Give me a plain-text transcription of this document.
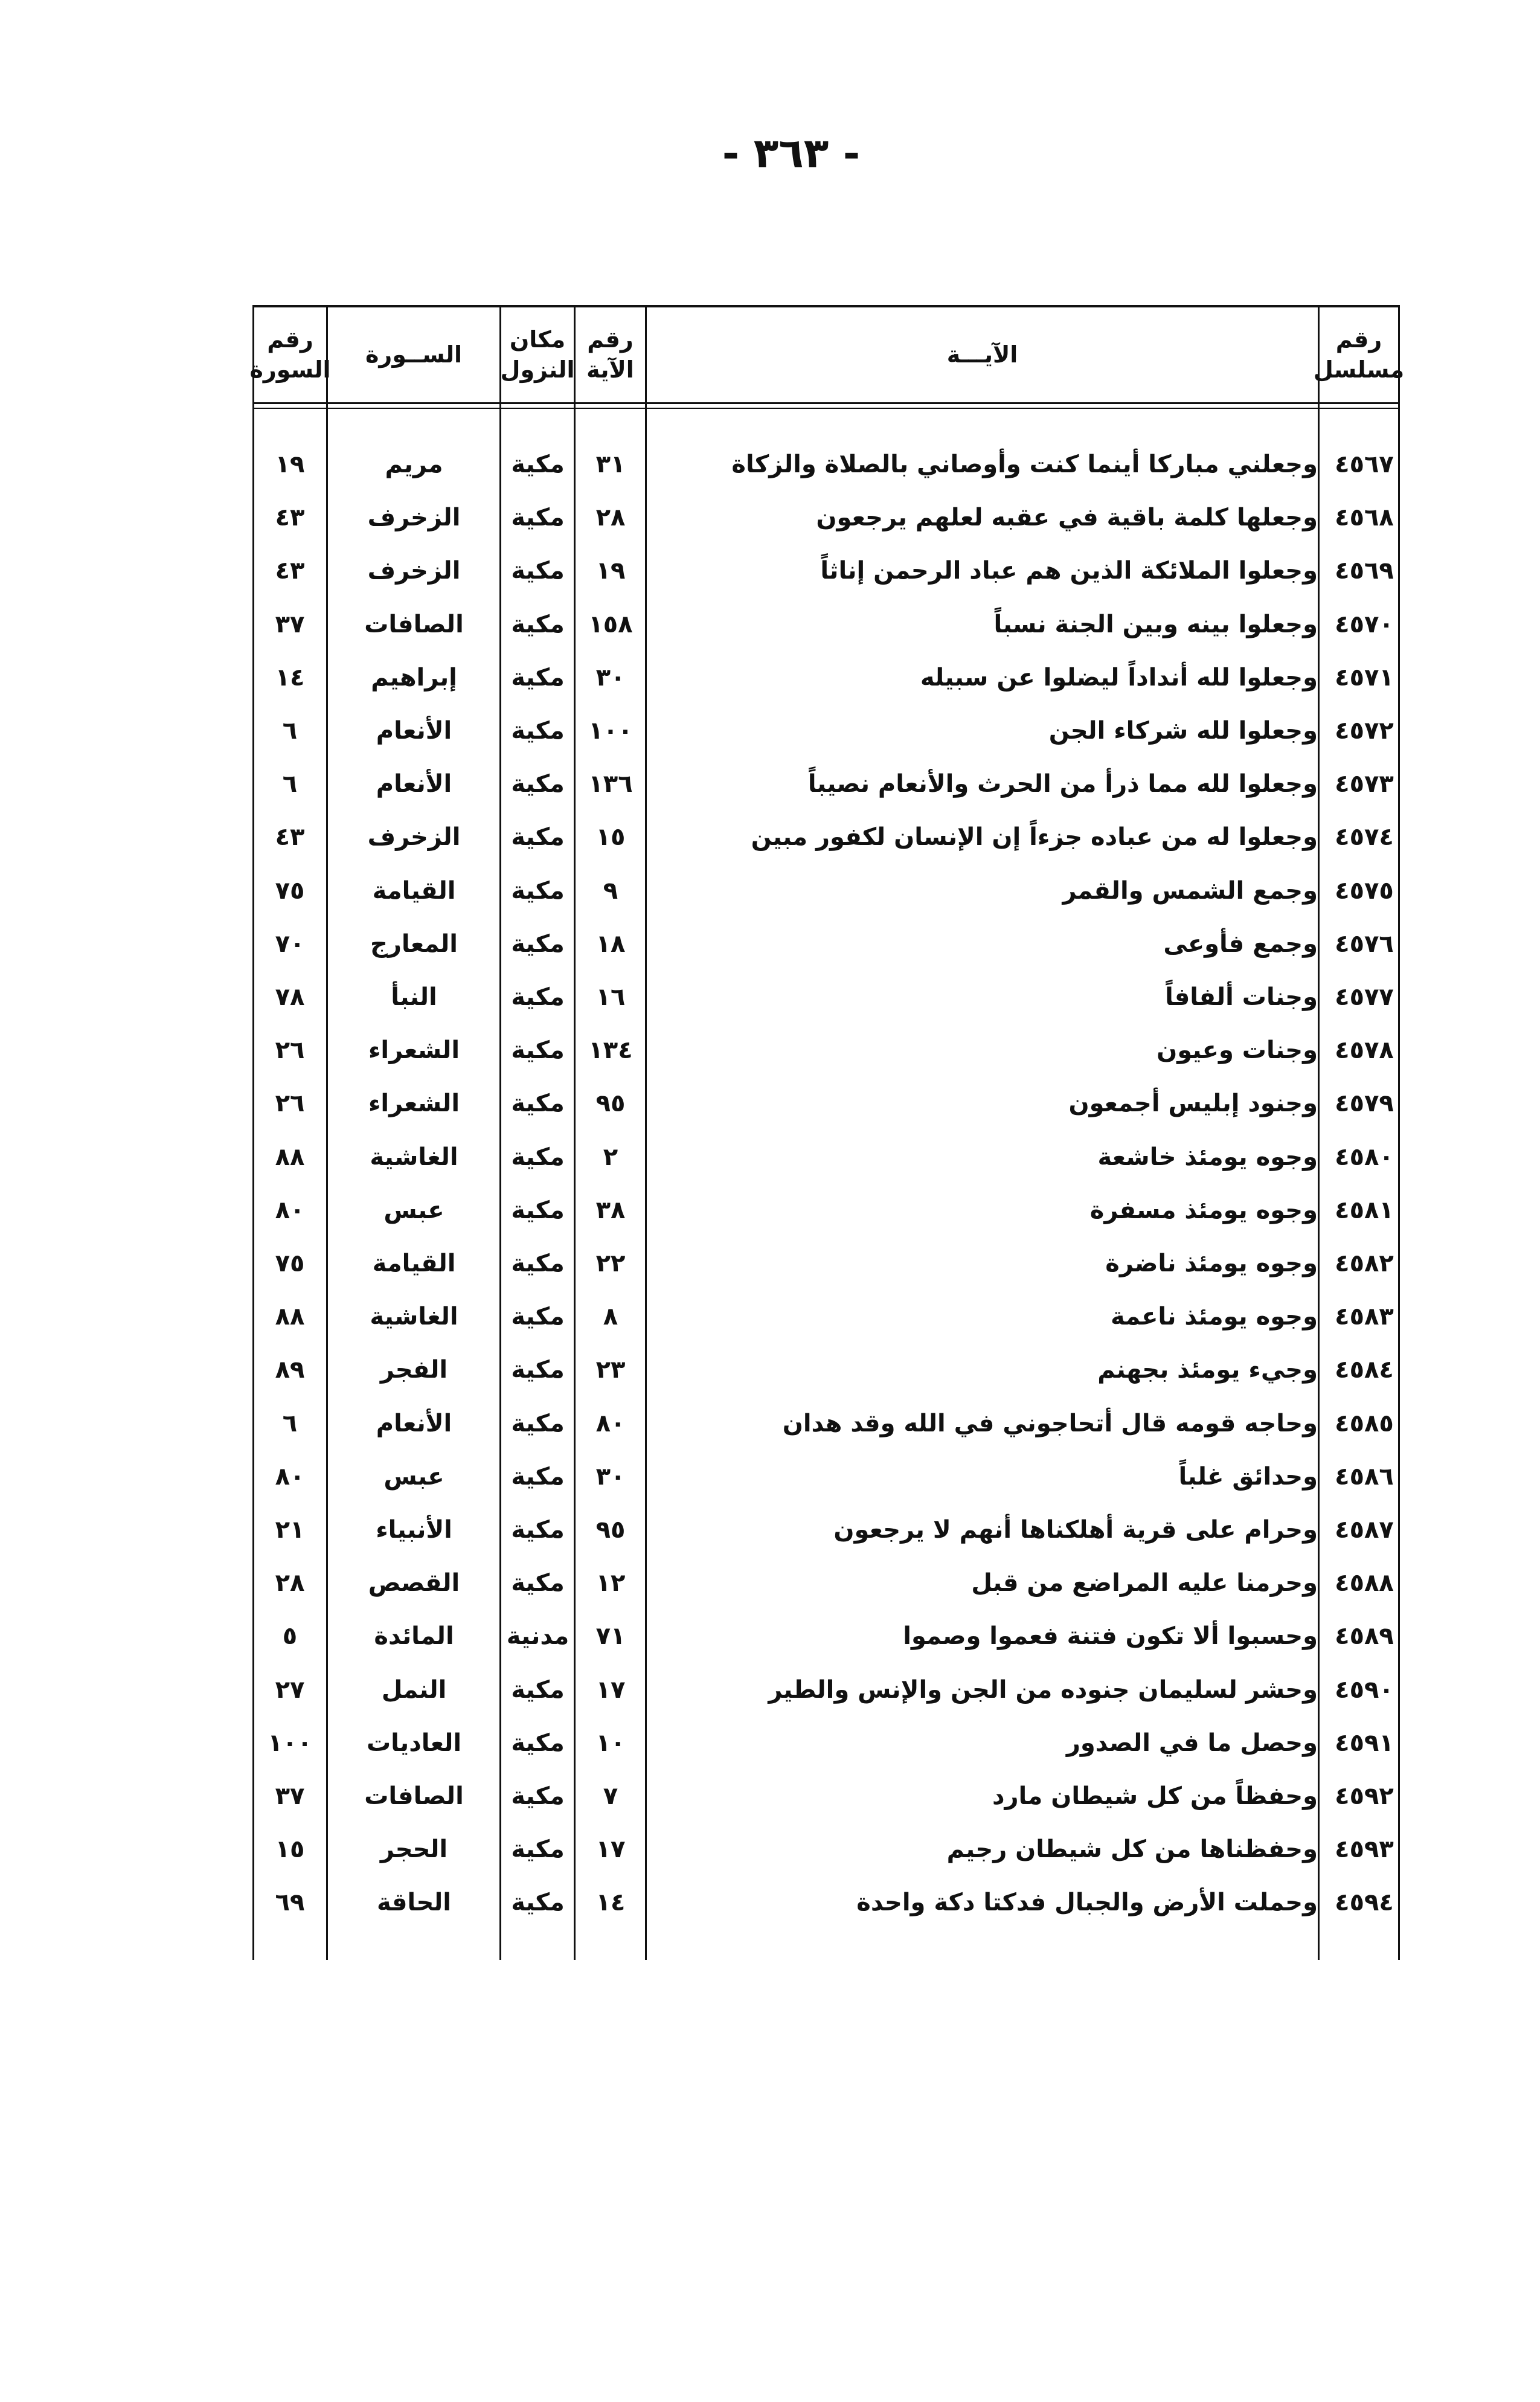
- ٣٦٣ -
رقم مسلسل
الآيـــة
رقم الآية
مكان النزول
الســورة
رقم السورة
٤٥٦٧
وجعلني مباركا أينما كنت وأوصاني بالصلاة والزكاة
٣١
مكية
مريم
١٩
٤٥٦٨
وجعلها كلمة باقية في عقبه لعلهم يرجعون
٢٨
مكية
الزخرف
٤٣
٤٥٦٩
وجعلوا الملائكة الذين هم عباد الرحمن إناثاً
١٩
مكية
الزخرف
٤٣
٤٥٧٠
وجعلوا بينه وبين الجنة نسباً
١٥٨
مكية
الصافات
٣٧
٤٥٧١
وجعلوا لله أنداداً ليضلوا عن سبيله
٣٠
مكية
إبراهيم
١٤
٤٥٧٢
وجعلوا لله شركاء الجن
١٠٠
مكية
الأنعام
٦
٤٥٧٣
وجعلوا لله مما ذرأ من الحرث والأنعام نصيباً
١٣٦
مكية
الأنعام
٦
٤٥٧٤
وجعلوا له من عباده جزءاً إن الإنسان لكفور مبين
١٥
مكية
الزخرف
٤٣
٤٥٧٥
وجمع الشمس والقمر
٩
مكية
القيامة
٧٥
٤٥٧٦
وجمع فأوعى
١٨
مكية
المعارج
٧٠
٤٥٧٧
وجنات ألفافاً
١٦
مكية
النبأ
٧٨
٤٥٧٨
وجنات وعيون
١٣٤
مكية
الشعراء
٢٦
٤٥٧٩
وجنود إبليس أجمعون
٩٥
مكية
الشعراء
٢٦
٤٥٨٠
وجوه يومئذ خاشعة
٢
مكية
الغاشية
٨٨
٤٥٨١
وجوه يومئذ مسفرة
٣٨
مكية
عبس
٨٠
٤٥٨٢
وجوه يومئذ ناضرة
٢٢
مكية
القيامة
٧٥
٤٥٨٣
وجوه يومئذ ناعمة
٨
مكية
الغاشية
٨٨
٤٥٨٤
وجيء يومئذ بجهنم
٢٣
مكية
الفجر
٨٩
٤٥٨٥
وحاجه قومه قال أتحاجوني في الله وقد هدان
٨٠
مكية
الأنعام
٦
٤٥٨٦
وحدائق غلباً
٣٠
مكية
عبس
٨٠
٤٥٨٧
وحرام على قرية أهلكناها أنهم لا يرجعون
٩٥
مكية
الأنبياء
٢١
٤٥٨٨
وحرمنا عليه المراضع من قبل
١٢
مكية
القصص
٢٨
٤٥٨٩
وحسبوا ألا تكون فتنة فعموا وصموا
٧١
مدنية
المائدة
٥
٤٥٩٠
وحشر لسليمان جنوده من الجن والإنس والطير
١٧
مكية
النمل
٢٧
٤٥٩١
وحصل ما في الصدور
١٠
مكية
العاديات
١٠٠
٤٥٩٢
وحفظاً من كل شيطان مارد
٧
مكية
الصافات
٣٧
٤٥٩٣
وحفظناها من كل شيطان رجيم
١٧
مكية
الحجر
١٥
٤٥٩٤
وحملت الأرض والجبال فدكتا دكة واحدة
١٤
مكية
الحاقة
٦٩
